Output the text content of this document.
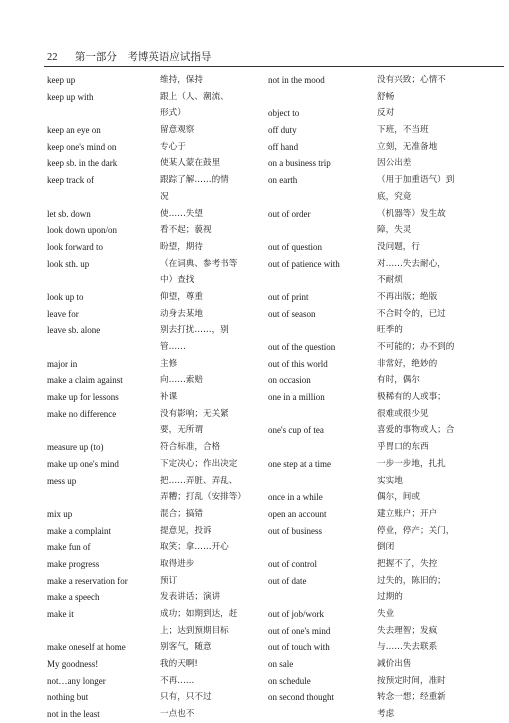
22 第一部分　考博英语应试指导
keep up
keep up with
keep an eye on
keep one's mind on
keep sb. in the dark
keep track of
let sb. down
look down upon/on
look forward to
look sth. up
look up to
leave for
leave sb. alone
major in
make a claim against
make up for lessons
make no difference
measure up (to)
make up one's mind
mess up
mix up
make a complaint
make fun of
make progress
make a reservation for
make a speech
make it
make oneself at home
My goodness!
not…any longer
nothing but
not in the least
维持，保持
跟上（人、潮流、
形式）
留意观察
专心于
使某人蒙在鼓里
跟踪了解……的情
况
使……失望
看不起；藐视
盼望，期待
（在词典、参考书等
中）查找
仰望，尊重
动身去某地
别去打扰……，别
管……
主修
向……索赔
补课
没有影响；无关紧
要，无所谓
符合标准，合格
下定决心；作出决定
把……弄脏、弄乱、
弄糟；打乱（安排等）
混合；搞错
提意见，投诉
取笑；拿……开心
取得进步
预订
发表讲话；演讲
成功；如期到达，赶
上；达到预期目标
别客气，随意
我的天啊!
不再……
只有，只不过
一点也不
not in the mood
object to
off duty
off hand
on a business trip
on earth
out of order
out of question
out of patience with
out of print
out of season
out of the question
out of this world
on occasion
one in a million
one's cup of tea
one step at a time
once in a while
open an account
out of business
out of control
out of date
out of job/work
out of one's mind
out of touch with
on sale
on schedule
on second thought
没有兴致；心情不
舒畅
反对
下班，不当班
立刻，无准备地
因公出差
（用于加重语气）到
底，究竟
（机器等）发生故
障，失灵
没问题，行
对……失去耐心，
不耐烦
不再出版；绝版
不合时令的，已过
旺季的
不可能的；办不到的
非常好，绝妙的
有时，偶尔
极稀有的人或事；
很难或很少见
喜爱的事物或人；合
乎胃口的东西
一步一步地，扎扎
实实地
偶尔，间或
建立账户；开户
停业，停产；关门，
倒闭
把握不了，失控
过失的，陈旧的；
过期的
失业
失去理智；发疯
与……失去联系
减价出售
按预定时间，准时
转念一想；经重新
考虑
